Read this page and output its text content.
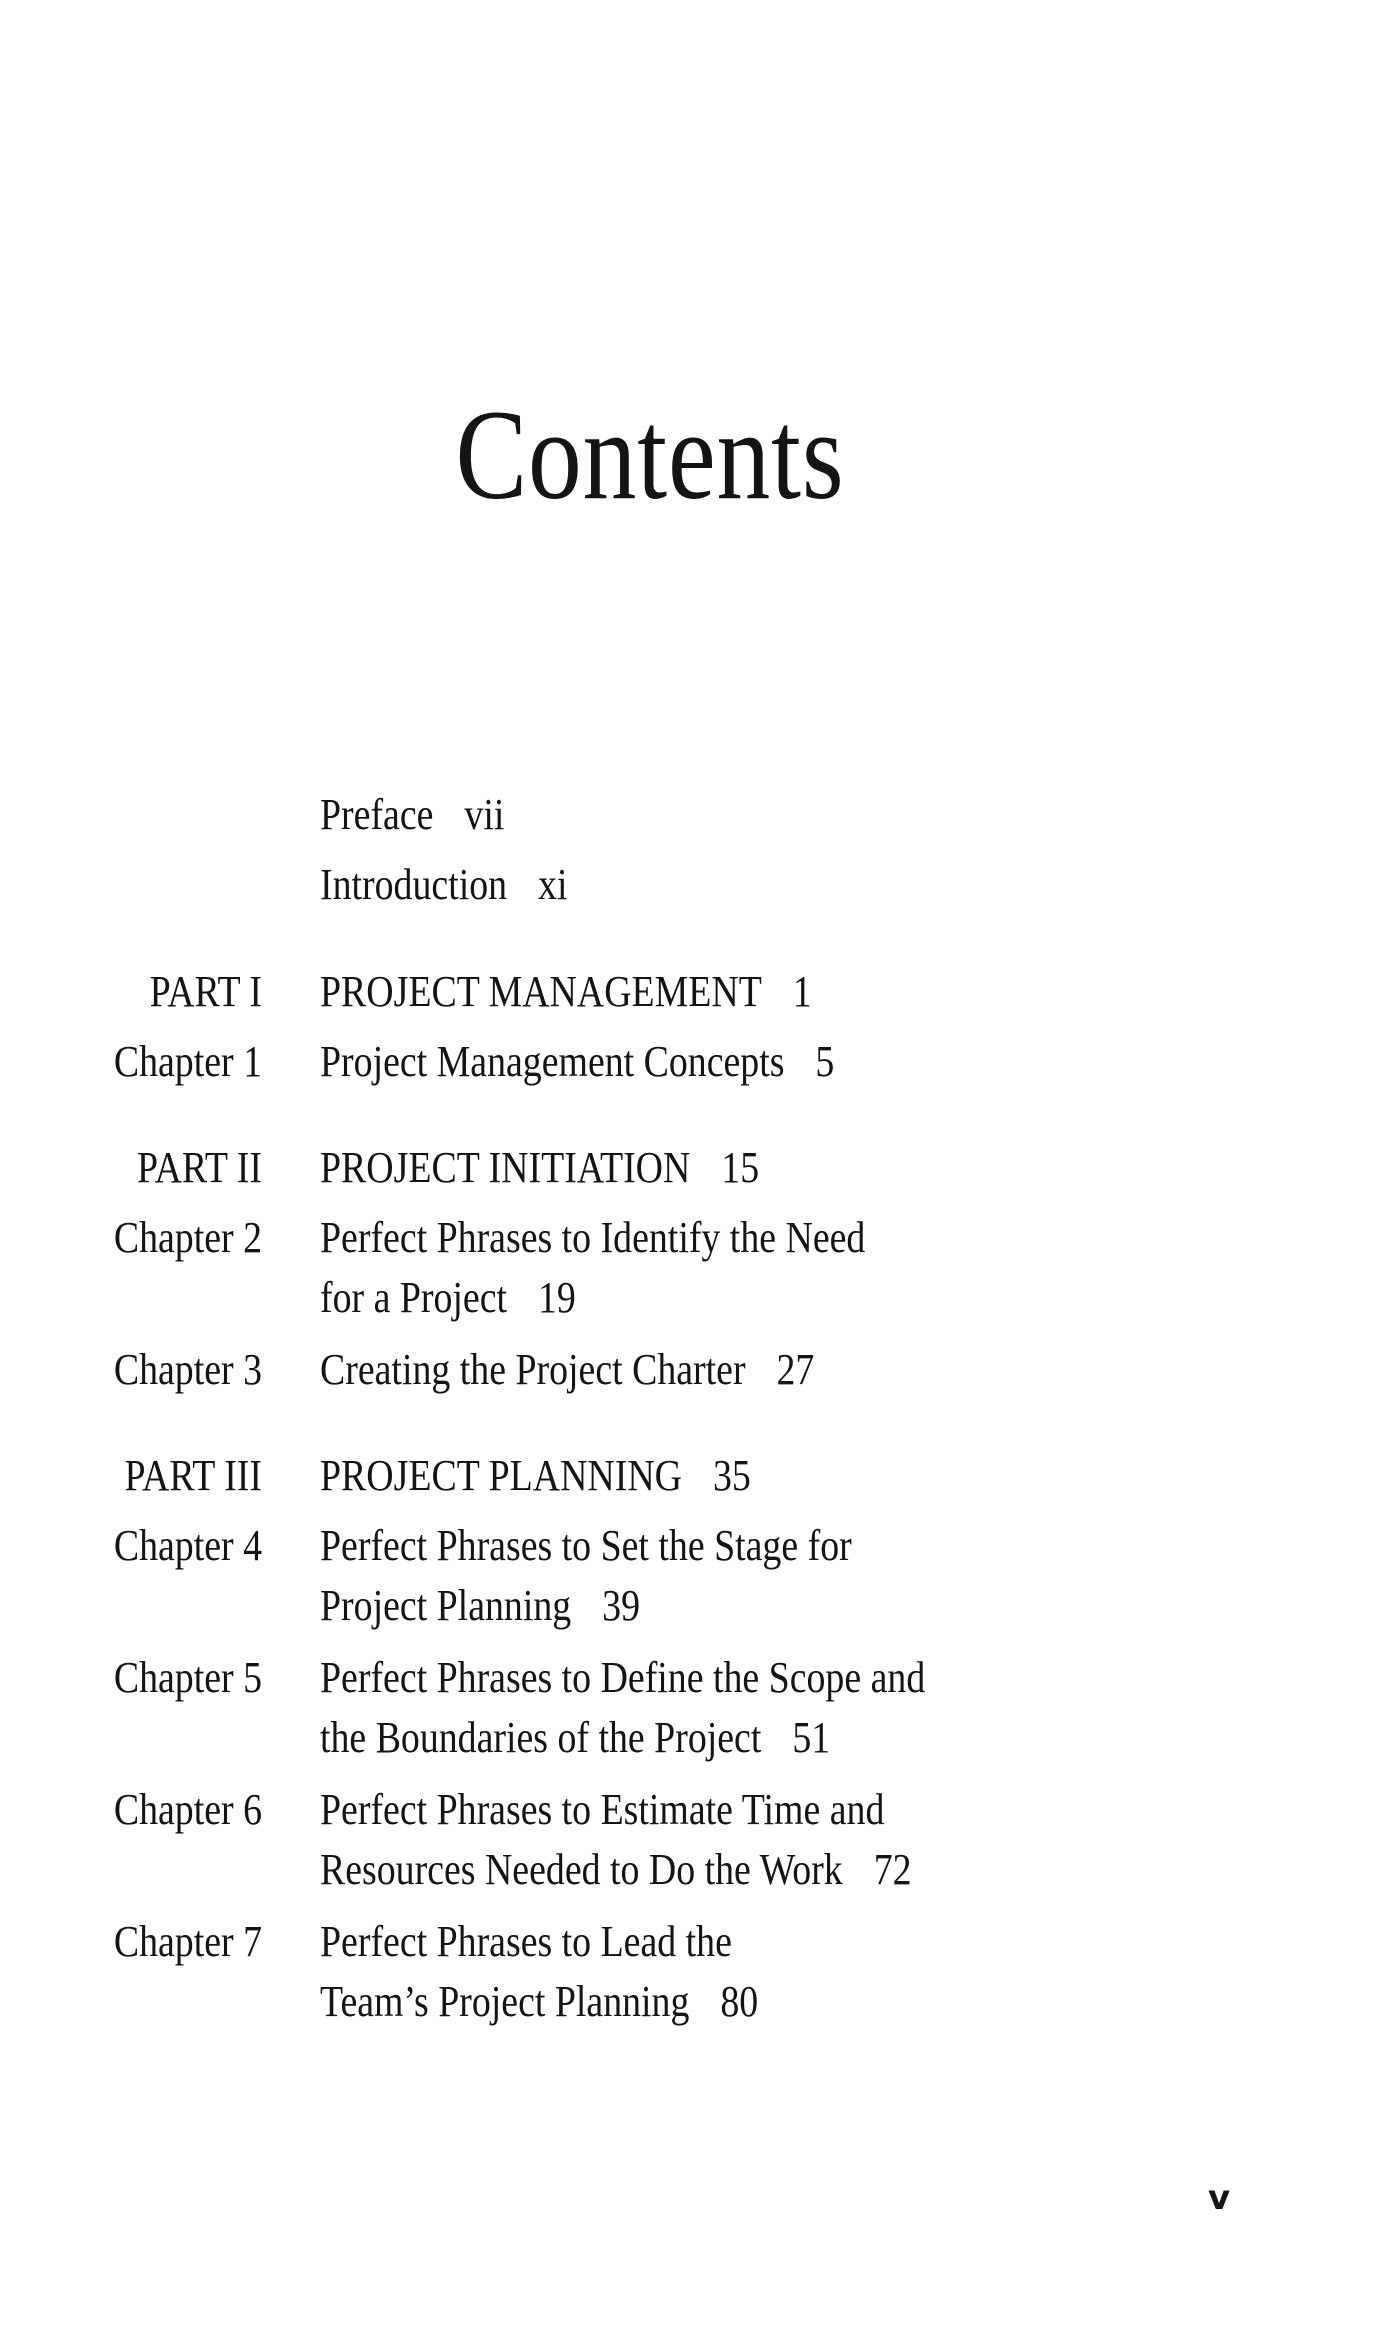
Contents
Preface vii
Introduction xi
PART I PROJECT MANAGEMENT 1
Chapter 1 Project Management Concepts 5
PART II PROJECT INITIATION 15
Chapter 2 Perfect Phrases to Identify the Need
for a Project 19
Chapter 3 Creating the Project Charter 27
PART III PROJECT PLANNING 35
Chapter 4 Perfect Phrases to Set the Stage for
Project Planning 39
Chapter 5 Perfect Phrases to Define the Scope and
the Boundaries of the Project 51
Chapter 6 Perfect Phrases to Estimate Time and
Resources Needed to Do the Work 72
Chapter 7 Perfect Phrases to Lead the
Team’s Project Planning 80
v
